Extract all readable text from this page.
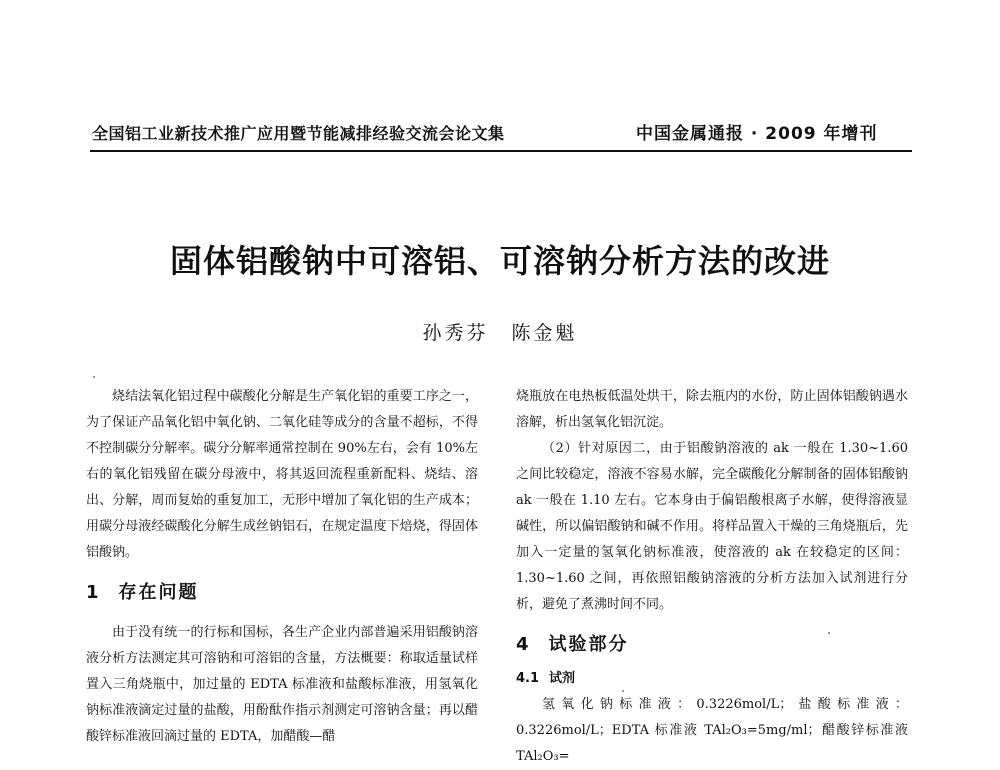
全国铝工业新技术推广应用暨节能减排经验交流会论文集	中国金属通报 · 2009 年增刊
固体铝酸钠中可溶铝、可溶钠分析方法的改进
孙秀芬 陈金魁

烧结法氧化铝过程中碳酸化分解是生产氧化铝的重要工序之一，为了保证产品氧化铝中氧化钠、二氧化硅等成分的含量不超标，不得不控制碳分分解率。碳分分解率通常控制在 90%左右，会有 10%左右的氧化铝残留在碳分母液中，将其返回流程重新配料、烧结、溶出、分解，周而复始的重复加工，无形中增加了氧化铝的生产成本；用碳分母液经碳酸化分解生成丝钠铝石，在规定温度下焙烧，得固体铝酸钠。

1 存在问题

由于没有统一的行标和国标，各生产企业内部普遍采用铝酸钠溶液分析方法测定其可溶钠和可溶铝的含量，方法概要：称取适量试样置入三角烧瓶中，加过量的 EDTA 标准液和盐酸标准液，用氢氧化钠标准液滴定过量的盐酸，用酚酞作指示剂测定可溶钠含量；再以醋酸锌标准液回滴过量的 EDTA，加醋酸—醋

烧瓶放在电热板低温处烘干，除去瓶内的水份，防止固体铝酸钠遇水溶解，析出氢氧化铝沉淀。

（2）针对原因二，由于铝酸钠溶液的 ak 一般在 1.30~1.60 之间比较稳定，溶液不容易水解，完全碳酸化分解制备的固体铝酸钠 ak 一般在 1.10 左右。它本身由于偏铝酸根离子水解，使得溶液显碱性，所以偏铝酸钠和碱不作用。将样品置入干燥的三角烧瓶后，先加入一定量的氢氧化钠标准液，使溶液的 ak 在较稳定的区间：1.30~1.60 之间，再依照铝酸钠溶液的分析方法加入试剂进行分析，避免了煮沸时间不同。

4 试验部分
4.1 试剂

氢氧化钠标准液：0.3226mol/L；盐酸标准液：0.3226mol/L；EDTA 标准液 TAl₂O₃=5mg/ml；醋酸锌标准液 TAl₂O₃=
